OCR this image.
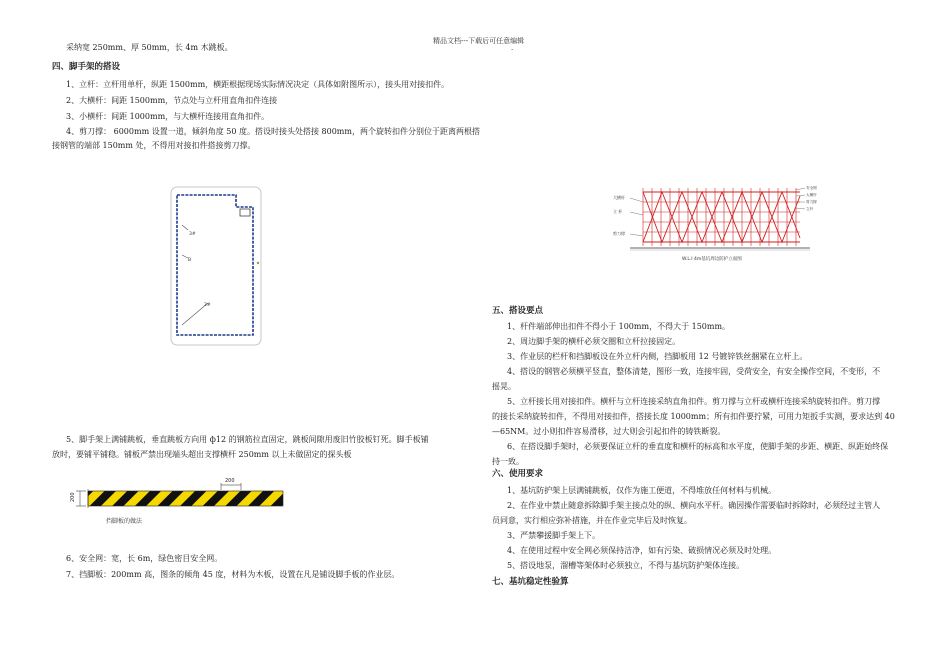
精品文档---下载后可任意编辑
.
采纳宽 250mm、厚 50mm，长 4m 木跳板。
四、脚手架的搭设
1、立杆：立杆用单杆，纵距 1500mm，横距根据现场实际情况决定（具体如附图所示），接头用对接扣件。
2、大横杆：间距 1500mm，节点处与立杆用直角扣件连接
3、小横杆：间距 1000mm，与大横杆连接用直角扣件。
4、剪刀撑： 6000mm 设置一道，倾斜角度 50 度。搭设时接头处搭接 800mm，两个旋转扣件分别位于距离两根搭
接钢管的端部 150mm 处，不得用对接扣件搭接剪刀撑。
3#
B
2#
5、脚手架上满铺跳板，垂直跳板方向用 ф12 的钢筋拉直固定，跳板间隙用废旧竹胶板钉死。脚手板铺
放时，要铺平铺稳。铺板严禁出现端头超出支撑横杆 250mm 以上未做固定的探头板
200
200
挡脚板的做法
6、安全网：宽，长 6m，绿色密目安全网。
7、挡脚板：200mm 高，图条的倾角 45 度，材料为木板，设置在凡是铺设脚手板的作业层。
大横杆
立 杆
剪刀撑
安全网
大横杆
剪刀撑
立杆
W.L.I 4m基坑周边防护立面图
五、搭设要点
1、杆件端部伸出扣件不得小于 100mm，不得大于 150mm。
2、周边脚手架的横杆必须交圈和立杆拉接固定。
3、作业层的栏杆和挡脚板设在外立杆内侧，挡脚板用 12 号镀锌铁丝捆紧在立杆上。
4、搭设的钢管必须横平竖直，整体清楚，图形一致，连接牢固，受荷安全，有安全操作空间，不变形，不
摇晃。
5、立杆接长用对接扣件。横杆与立杆连接采纳直角扣件。剪刀撑与立杆或横杆连接采纳旋转扣件。剪刀撑
的接长采纳旋转扣件，不得用对接扣件，搭接长度 1000mm；所有扣件要拧紧，可用力矩扳手实测，要求达到 40
—65NM。过小则扣件容易滑移，过大则会引起扣件的铸铁断裂。
6、在搭设脚手架时，必须要保证立杆的垂直度和横杆的标高和水平度，使脚手架的步距、横距、纵距始终保
持一致。
六、使用要求
1、基坑防护架上层满铺跳板，仅作为施工便道，不得堆放任何材料与机械。
2、在作业中禁止随意拆除脚手架主接点处的纵、横向水平杆。确因操作需要临时拆除时，必须经过主管人
员同意，实行相应弥补措施，并在作业完毕后及时恢复。
3、严禁攀援脚手架上下。
4、在使用过程中安全网必须保持洁净，如有污染、破损情况必须及时处理。
5、搭设地泵，溜槽等架体时必须独立，不得与基坑防护架体连接。
七、基坑稳定性验算
